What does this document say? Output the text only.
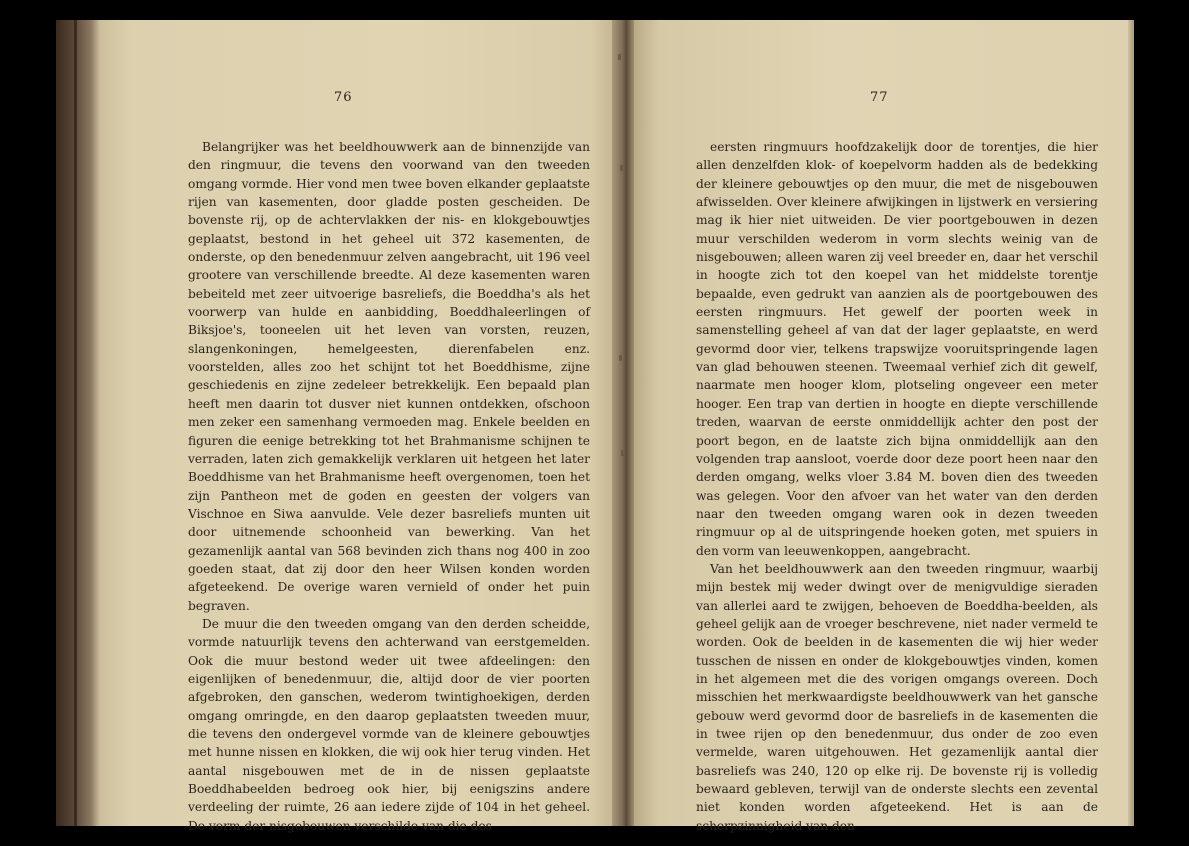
76

Belangrijker was het beeldhouwwerk aan de binnenzijde van den ringmuur, die tevens den voorwand van den tweeden omgang vormde. Hier vond men twee boven elkander geplaatste rijen van kasementen, door gladde posten gescheiden. De bovenste rij, op de achtervlakken der nis- en klokgebouwtjes geplaatst, bestond in het geheel uit 372 kasementen, de onderste, op den benedenmuur zelven aangebracht, uit 196 veel grootere van verschillende breedte. Al deze kasementen waren bebeiteld met zeer uitvoerige basreliefs, die Boeddha's als het voorwerp van hulde en aanbidding, Boeddhaleerlingen of Biksjoe's, tooneelen uit het leven van vorsten, reuzen, slangenkoningen, hemelgeesten, dierenfabelen enz. voorstelden, alles zoo het schijnt tot het Boeddhisme, zijne geschiedenis en zijne zedeleer betrekkelijk. Een bepaald plan heeft men daarin tot dusver niet kunnen ontdekken, ofschoon men zeker een samenhang vermoeden mag. Enkele beelden en figuren die eenige betrekking tot het Brahmanisme schijnen te verraden, laten zich gemakkelijk verklaren uit hetgeen het later Boeddhisme van het Brahmanisme heeft overgenomen, toen het zijn Pantheon met de goden en geesten der volgers van Vischnoe en Siwa aanvulde. Vele dezer basreliefs munten uit door uitnemende schoonheid van bewerking. Van het gezamenlijk aantal van 568 bevinden zich thans nog 400 in zoo goeden staat, dat zij door den heer Wilsen konden worden afgeteekend. De overige waren vernield of onder het puin begraven.

De muur die den tweeden omgang van den derden scheidde, vormde natuurlijk tevens den achterwand van eerstgemelden. Ook die muur bestond weder uit twee afdeelingen: den eigenlijken of benedenmuur, die, altijd door de vier poorten afgebroken, den ganschen, wederom twintighoekigen, derden omgang omringde, en den daarop geplaatsten tweeden muur, die tevens den ondergevel vormde van de kleinere gebouwtjes met hunne nissen en klokken, die wij ook hier terug vinden. Het aantal nisgebouwen met de in de nissen geplaatste Boeddhabeelden bedroeg ook hier, bij eenigszins andere verdeeling der ruimte, 26 aan iedere zijde of 104 in het geheel. De vorm der nisgebouwen verschilde van die des

77

eersten ringmuurs hoofdzakelijk door de torentjes, die hier allen denzelfden klok- of koepelvorm hadden als de bedekking der kleinere gebouwtjes op den muur, die met de nisgebouwen afwisselden. Over kleinere afwijkingen in lijstwerk en versiering mag ik hier niet uitweiden. De vier poortgebouwen in dezen muur verschilden wederom in vorm slechts weinig van de nisgebouwen; alleen waren zij veel breeder en, daar het verschil in hoogte zich tot den koepel van het middelste torentje bepaalde, even gedrukt van aanzien als de poortgebouwen des eersten ringmuurs. Het gewelf der poorten week in samenstelling geheel af van dat der lager geplaatste, en werd gevormd door vier, telkens trapswijze vooruitspringende lagen van glad behouwen steenen. Tweemaal verhief zich dit gewelf, naarmate men hooger klom, plotseling ongeveer een meter hooger. Een trap van dertien in hoogte en diepte verschillende treden, waarvan de eerste onmiddellijk achter den post der poort begon, en de laatste zich bijna onmiddellijk aan den volgenden trap aansloot, voerde door deze poort heen naar den derden omgang, welks vloer 3.84 M. boven dien des tweeden was gelegen. Voor den afvoer van het water van den derden naar den tweeden omgang waren ook in dezen tweeden ringmuur op al de uitspringende hoeken goten, met spuiers in den vorm van leeuwenkoppen, aangebracht.

Van het beeldhouwwerk aan den tweeden ringmuur, waarbij mijn bestek mij weder dwingt over de menigvuldige sieraden van allerlei aard te zwijgen, behoeven de Boeddha-beelden, als geheel gelijk aan de vroeger beschrevene, niet nader vermeld te worden. Ook de beelden in de kasementen die wij hier weder tusschen de nissen en onder de klokgebouwtjes vinden, komen in het algemeen met die des vorigen omgangs overeen. Doch misschien het merkwaardigste beeldhouwwerk van het gansche gebouw werd gevormd door de basreliefs in de kasementen die in twee rijen op den benedenmuur, dus onder de zoo even vermelde, waren uitgehouwen. Het gezamenlijk aantal dier basreliefs was 240, 120 op elke rij. De bovenste rij is volledig bewaard gebleven, terwijl van de onderste slechts een zevental niet konden worden afgeteekend. Het is aan de scherpzinnigheid van den
